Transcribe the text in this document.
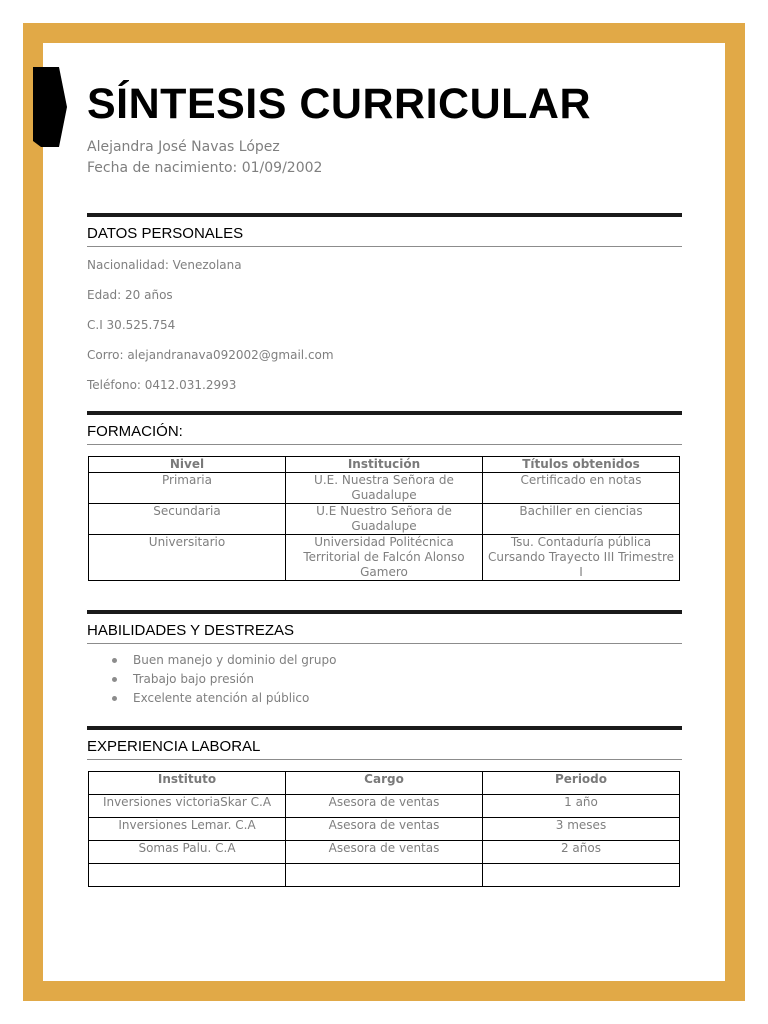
SÍNTESIS CURRICULAR
Alejandra José Navas López
Fecha de nacimiento: 01/09/2002
DATOS PERSONALES
Nacionalidad: Venezolana
Edad: 20 años
C.I 30.525.754
Corro: alejandranava092002@gmail.com
Teléfono: 0412.031.2993
FORMACIÓN:
Nivel	Institución	Títulos obtenidos
Primaria	U.E. Nuestra Señora de Guadalupe	Certificado en notas
Secundaria	U.E Nuestro Señora de Guadalupe	Bachiller en ciencias
Universitario	Universidad Politécnica Territorial de Falcón Alonso Gamero	Tsu. Contaduría pública Cursando Trayecto III Trimestre I
HABILIDADES Y DESTREZAS
Buen manejo y dominio del grupo
Trabajo bajo presión
Excelente atención al público
EXPERIENCIA LABORAL
Instituto	Cargo	Periodo
Inversiones victoriaSkar C.A	Asesora de ventas	1 año
Inversiones Lemar. C.A	Asesora de ventas	3 meses
Somas Palu. C.A	Asesora de ventas	2 años
